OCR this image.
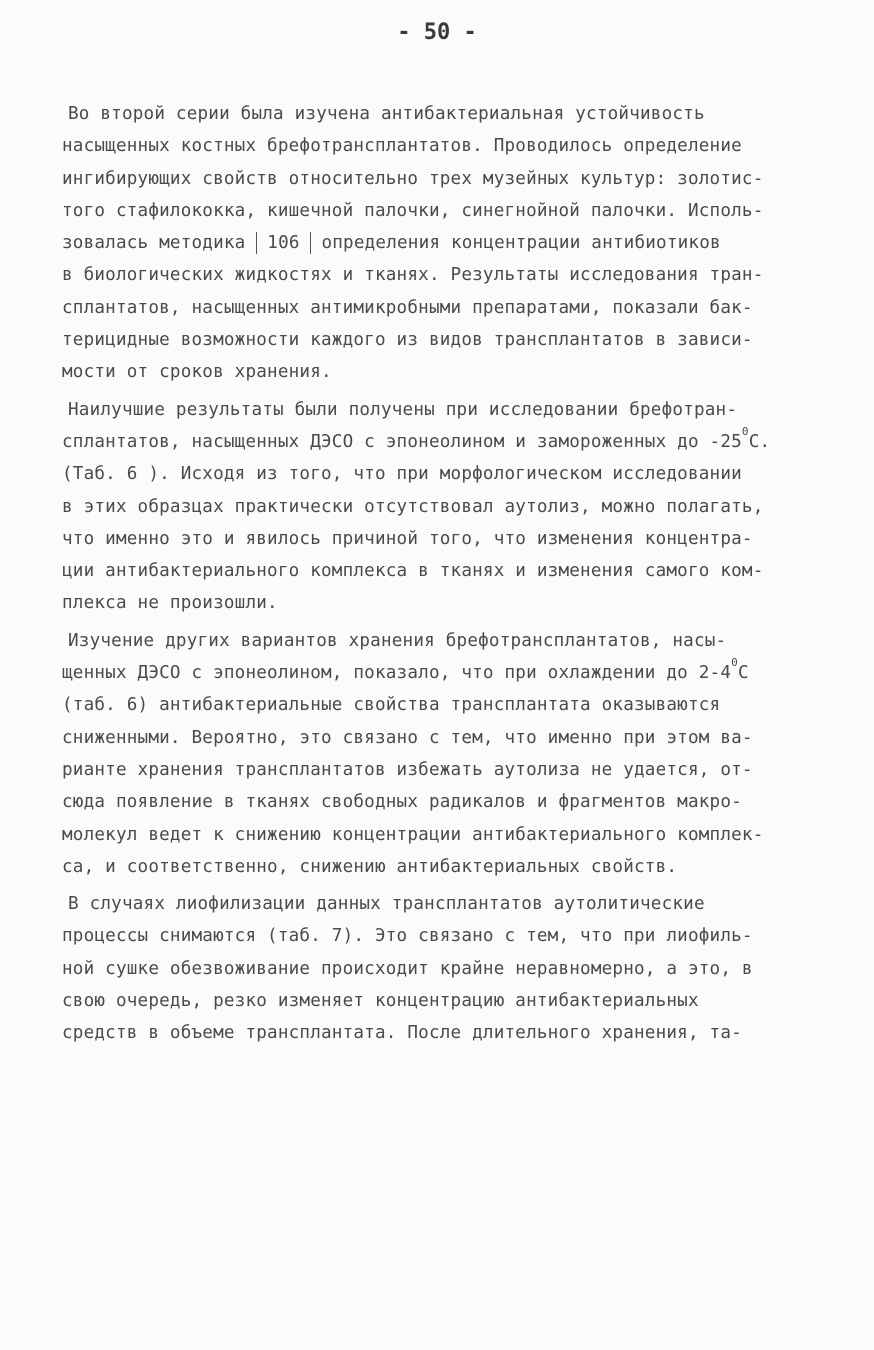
- 50 -
Во второй серии была изучена антибактериальная устойчивость
насыщенных костных брефотрансплантатов. Проводилось определение
ингибирующих свойств относительно трех музейных культур: золотис-
того стафилококка, кишечной палочки, синегнойной палочки. Исполь-
зовалась методика 106 определения концентрации антибиотиков
в биологических жидкостях и тканях. Результаты исследования тран-
сплантатов, насыщенных антимикробными препаратами, показали бак-
терицидные возможности каждого из видов трансплантатов в зависи-
мости от сроков хранения.
Наилучшие результаты были получены при исследовании брефотран-
сплантатов, насыщенных ДЭСО с эпонеолином и замороженных до $-25^0С$.
(Таб. 6 ). Исходя из того, что при морфологическом исследовании
в этих образцах практически отсутствовал аутолиз, можно полагать,
что именно это и явилось причиной того, что изменения концентра-
ции антибактериального комплекса в тканях и изменения самого ком-
плекса не произошли.
Изучение других вариантов хранения брефотрансплантатов, насы-
щенных ДЭСО с эпонеолином, показало, что при охлаждении до $2-4^0С$
(таб. 6) антибактериальные свойства трансплантата оказываются
сниженными. Вероятно, это связано с тем, что именно при этом ва-
рианте хранения трансплантатов избежать аутолиза не удается, от-
сюда появление в тканях свободных радикалов и фрагментов макро-
молекул ведет к снижению концентрации антибактериального комплек-
са, и соответственно, снижению антибактериальных свойств.
В случаях лиофилизации данных трансплантатов аутолитические
процессы снимаются (таб. 7). Это связано с тем, что при лиофиль-
ной сушке обезвоживание происходит крайне неравномерно, а это, в
свою очередь, резко изменяет концентрацию антибактериальных
средств в объеме трансплантата. После длительного хранения, та-
